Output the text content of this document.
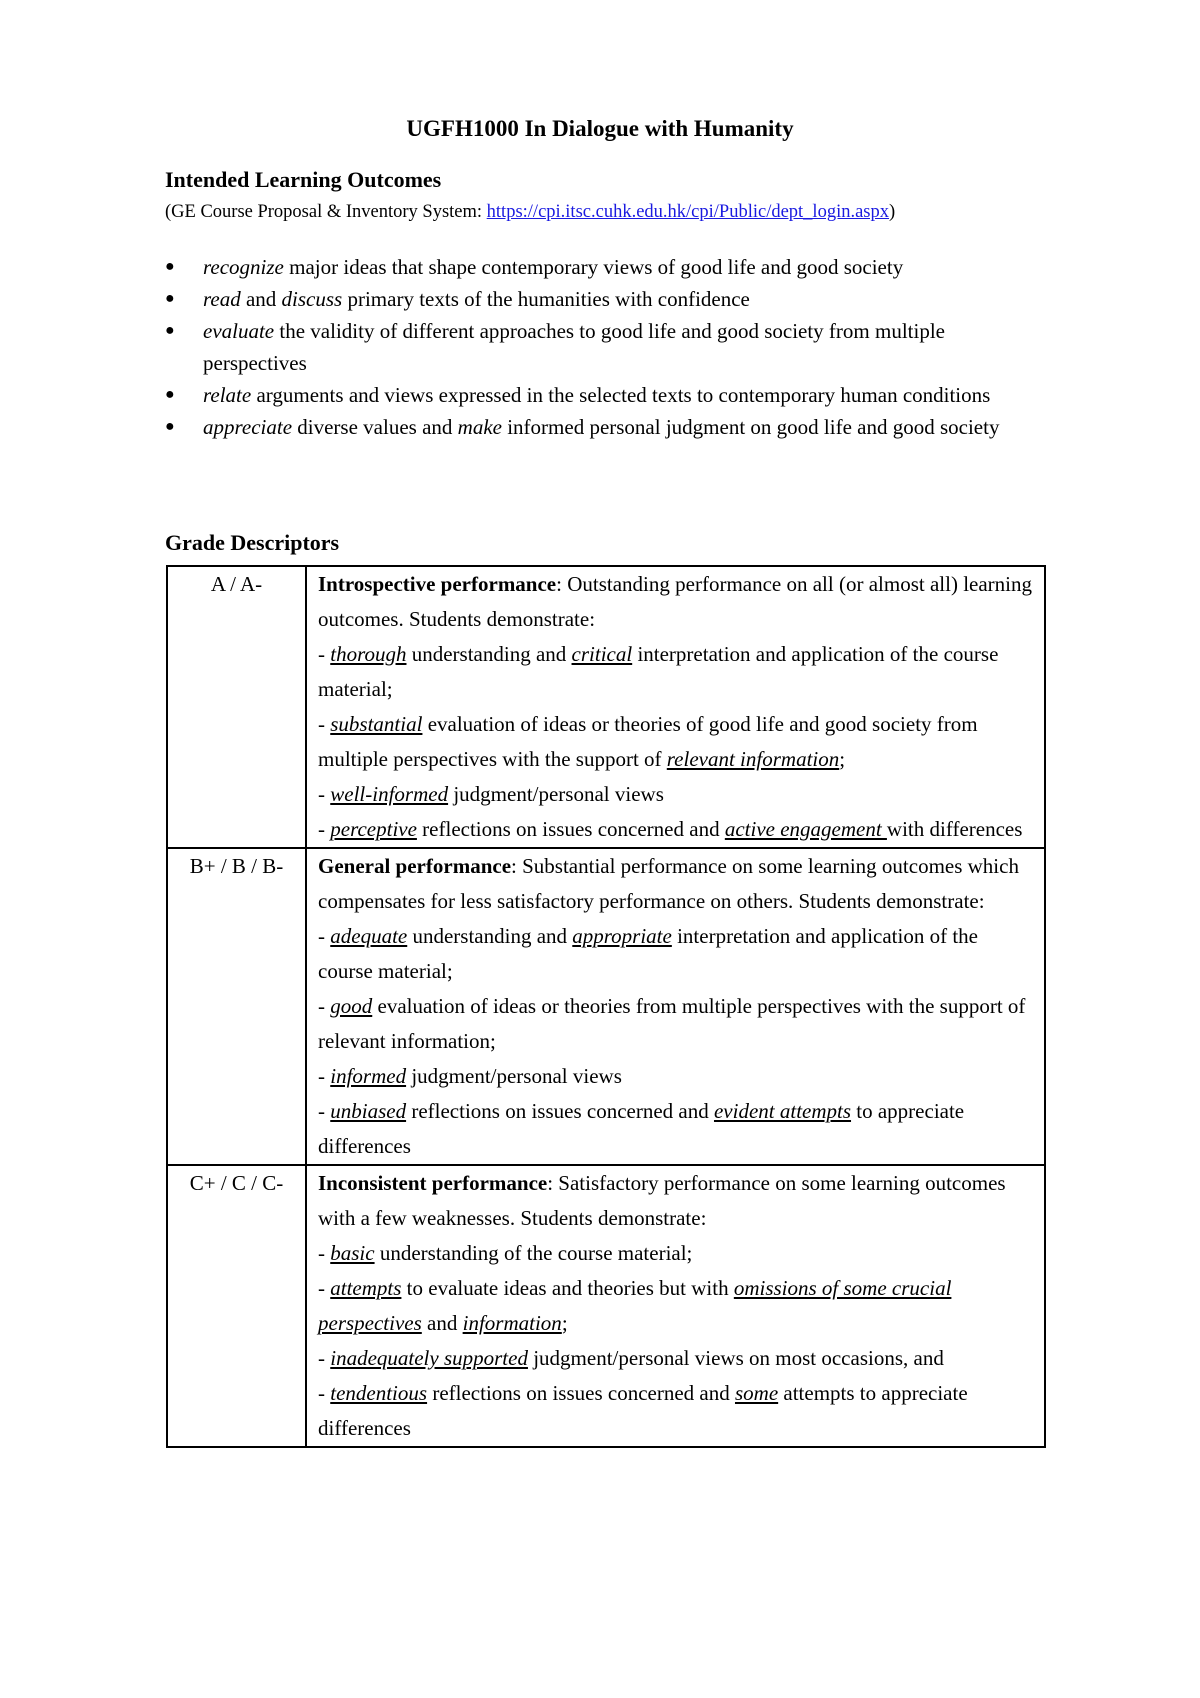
UGFH1000 In Dialogue with Humanity
Intended Learning Outcomes

(GE Course Proposal & Inventory System: https://cpi.itsc.cuhk.edu.hk/cpi/Public/dept_login.aspx)

● recognize major ideas that shape contemporary views of good life and good society
● read and discuss primary texts of the humanities with confidence
● evaluate the validity of different approaches to good life and good society from multiple perspectives
● relate arguments and views expressed in the selected texts to contemporary human conditions
● appreciate diverse values and make informed personal judgment on good life and good society
Grade Descriptors
A / A-	Introspective performance: Outstanding performance on all (or almost all) learning outcomes. Students demonstrate:
- thorough understanding and critical interpretation and application of the course material;
- substantial evaluation of ideas or theories of good life and good society from multiple perspectives with the support of relevant information;
- well-informed judgment/personal views
- perceptive reflections on issues concerned and active engagement with differences
B+ / B / B-	General performance: Substantial performance on some learning outcomes which compensates for less satisfactory performance on others. Students demonstrate:
- adequate understanding and appropriate interpretation and application of the course material;
- good evaluation of ideas or theories from multiple perspectives with the support of relevant information;
- informed judgment/personal views
- unbiased reflections on issues concerned and evident attempts to appreciate differences
C+ / C / C-	Inconsistent performance: Satisfactory performance on some learning outcomes with a few weaknesses. Students demonstrate:
- basic understanding of the course material;
- attempts to evaluate ideas and theories but with omissions of some crucial perspectives and information;
- inadequately supported judgment/personal views on most occasions, and
- tendentious reflections on issues concerned and some attempts to appreciate differences
